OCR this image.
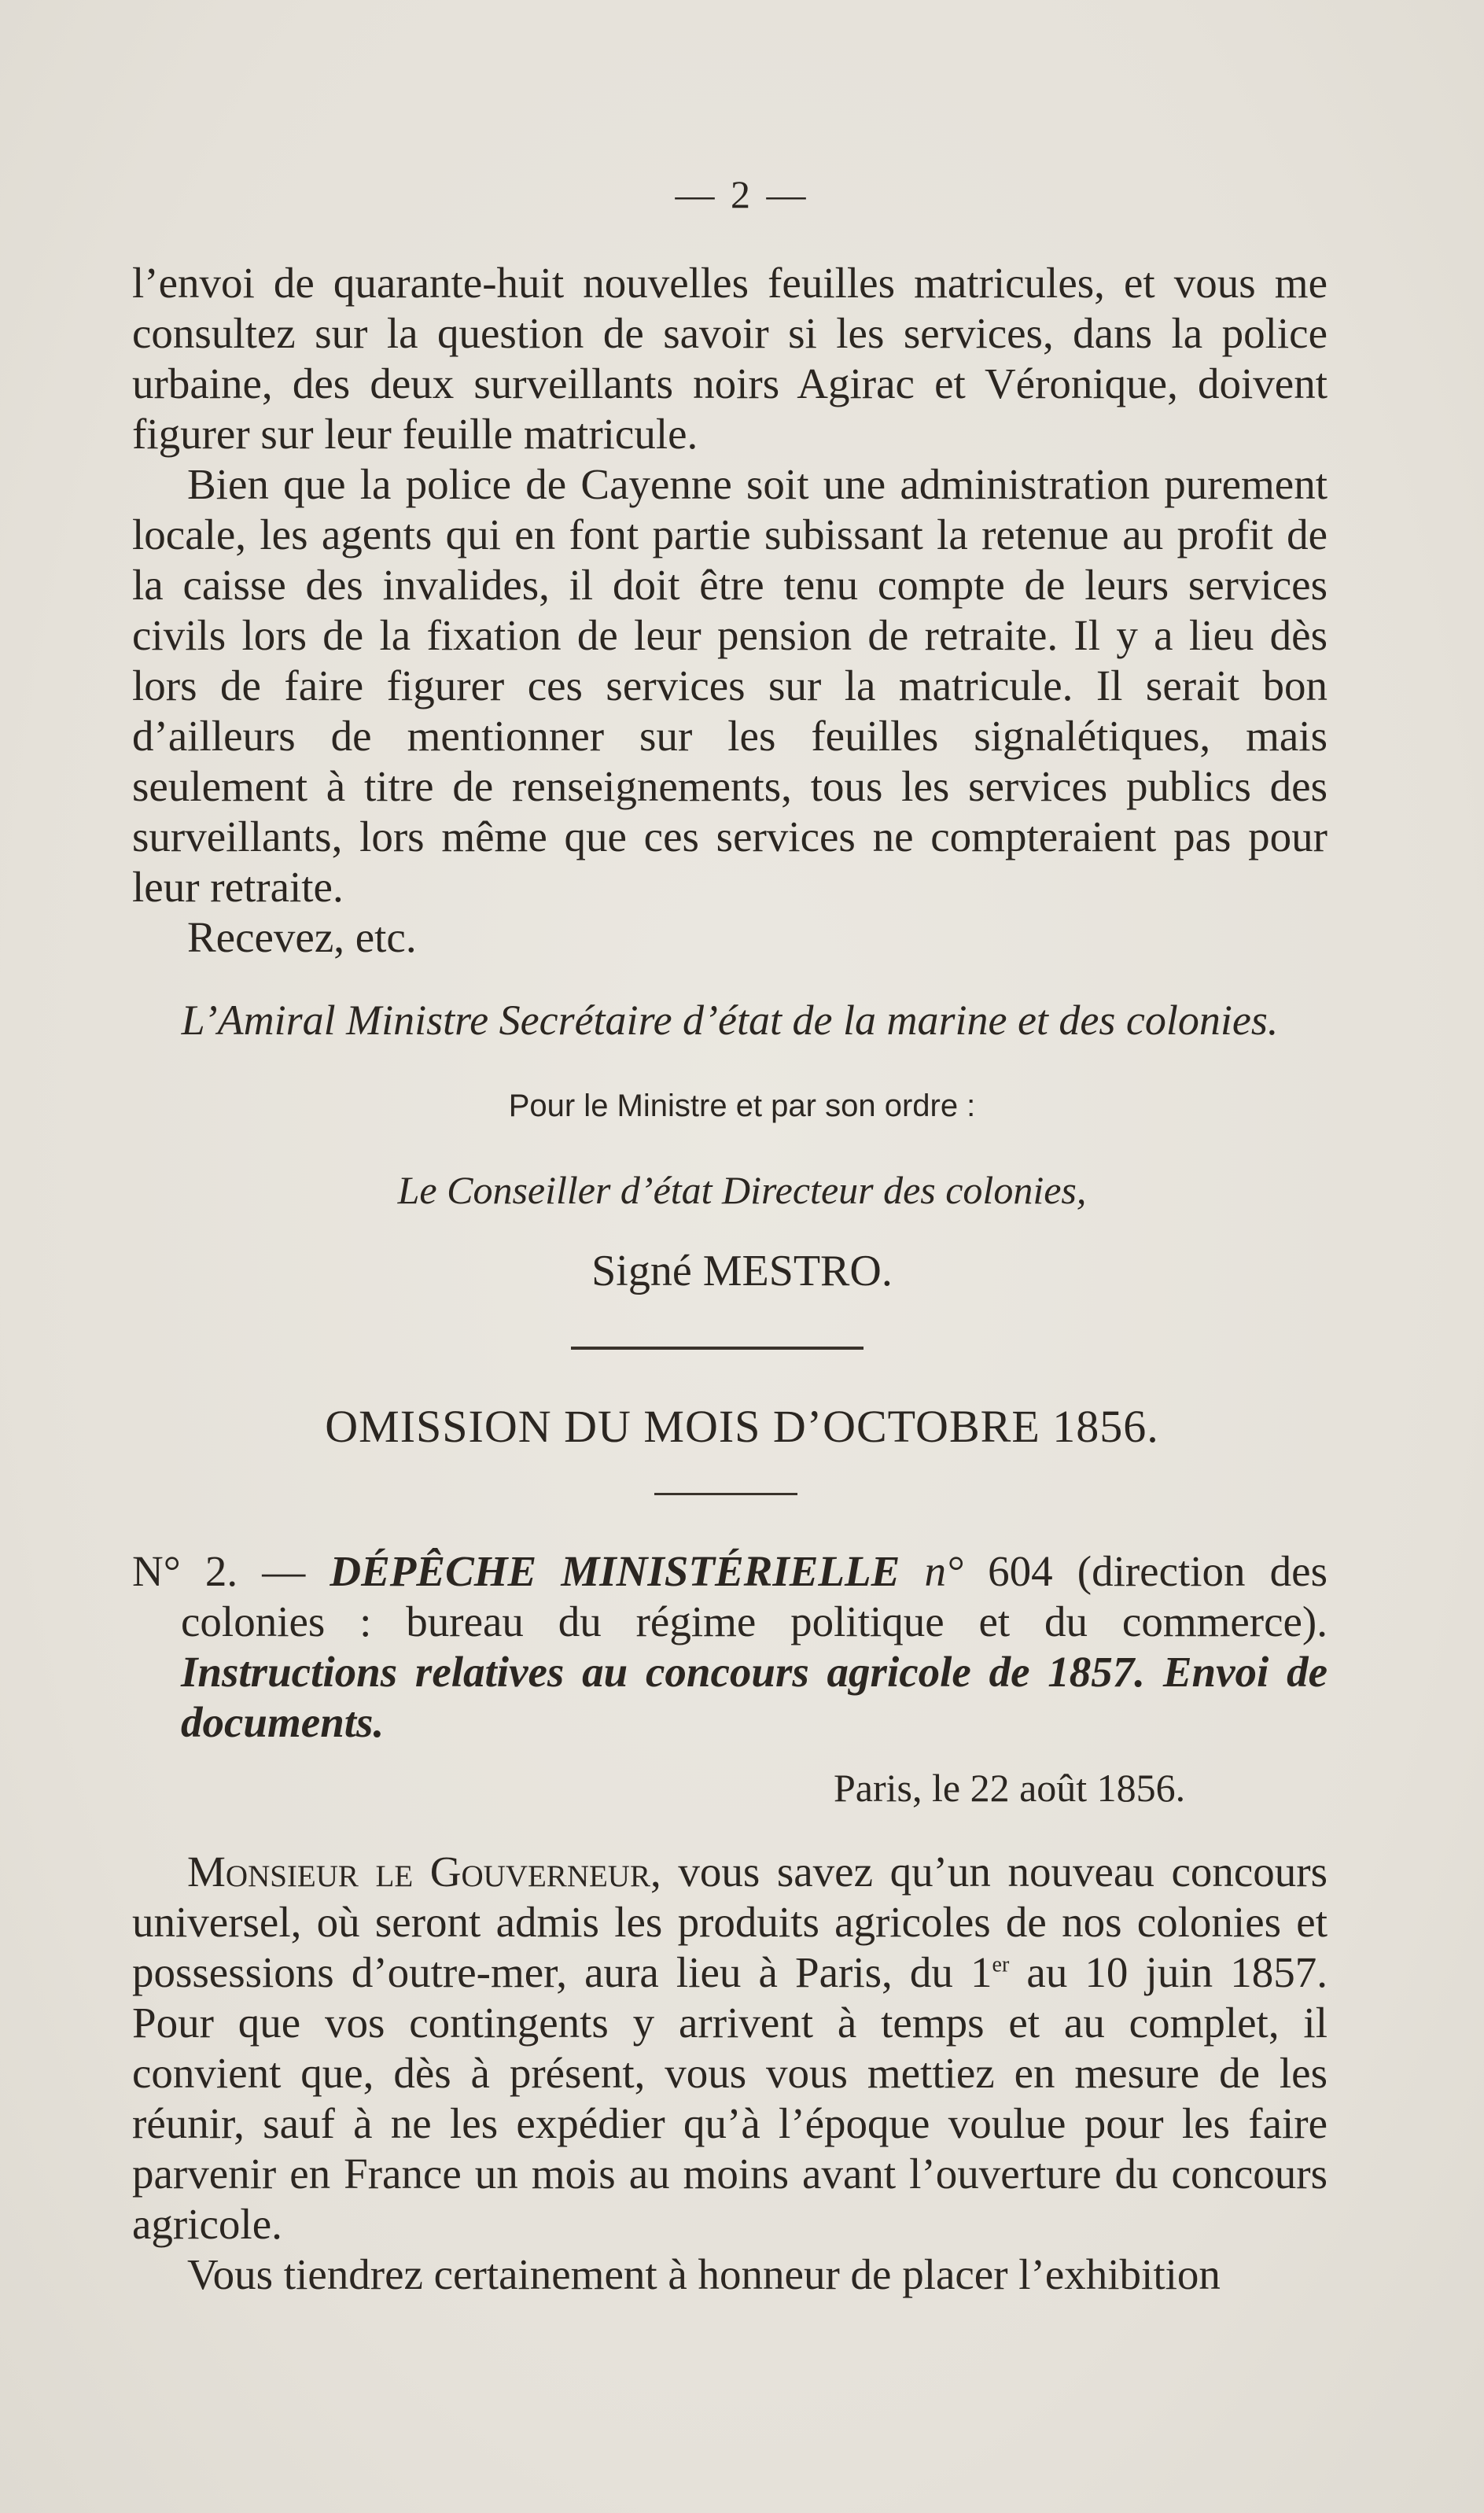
— 2 —

l’envoi de quarante-huit nouvelles feuilles matricules, et vous me consultez sur la question de savoir si les services, dans la police urbaine, des deux surveillants noirs Agirac et Véronique, doivent figurer sur leur feuille matricule.

Bien que la police de Cayenne soit une administration purement locale, les agents qui en font partie subissant la retenue au profit de la caisse des invalides, il doit être tenu compte de leurs services civils lors de la fixation de leur pension de retraite. Il y a lieu dès lors de faire figurer ces services sur la matricule. Il serait bon d’ailleurs de mentionner sur les feuilles signalétiques, mais seulement à titre de renseignements, tous les services publics des surveillants, lors même que ces services ne compteraient pas pour leur retraite.

Recevez, etc.

L’Amiral Ministre Secrétaire d’état de la marine et des colonies.
Pour le Ministre et par son ordre :
Le Conseiller d’état Directeur des colonies,
Signé MESTRO.
OMISSION DU MOIS D’OCTOBRE 1856.

N° 2. — DÉPÊCHE MINISTÉRIELLE n° 604 (direction des colonies : bureau du régime politique et du commerce). Instructions relatives au concours agricole de 1857. Envoi de documents.

Paris, le 22 août 1856.

Monsieur le Gouverneur, vous savez qu’un nouveau concours universel, où seront admis les produits agricoles de nos colonies et possessions d’outre-mer, aura lieu à Paris, du 1er au 10 juin 1857. Pour que vos contingents y arrivent à temps et au complet, il convient que, dès à présent, vous vous mettiez en mesure de les réunir, sauf à ne les expédier qu’à l’époque voulue pour les faire parvenir en France un mois au moins avant l’ouverture du concours agricole.

Vous tiendrez certainement à honneur de placer l’exhibition
